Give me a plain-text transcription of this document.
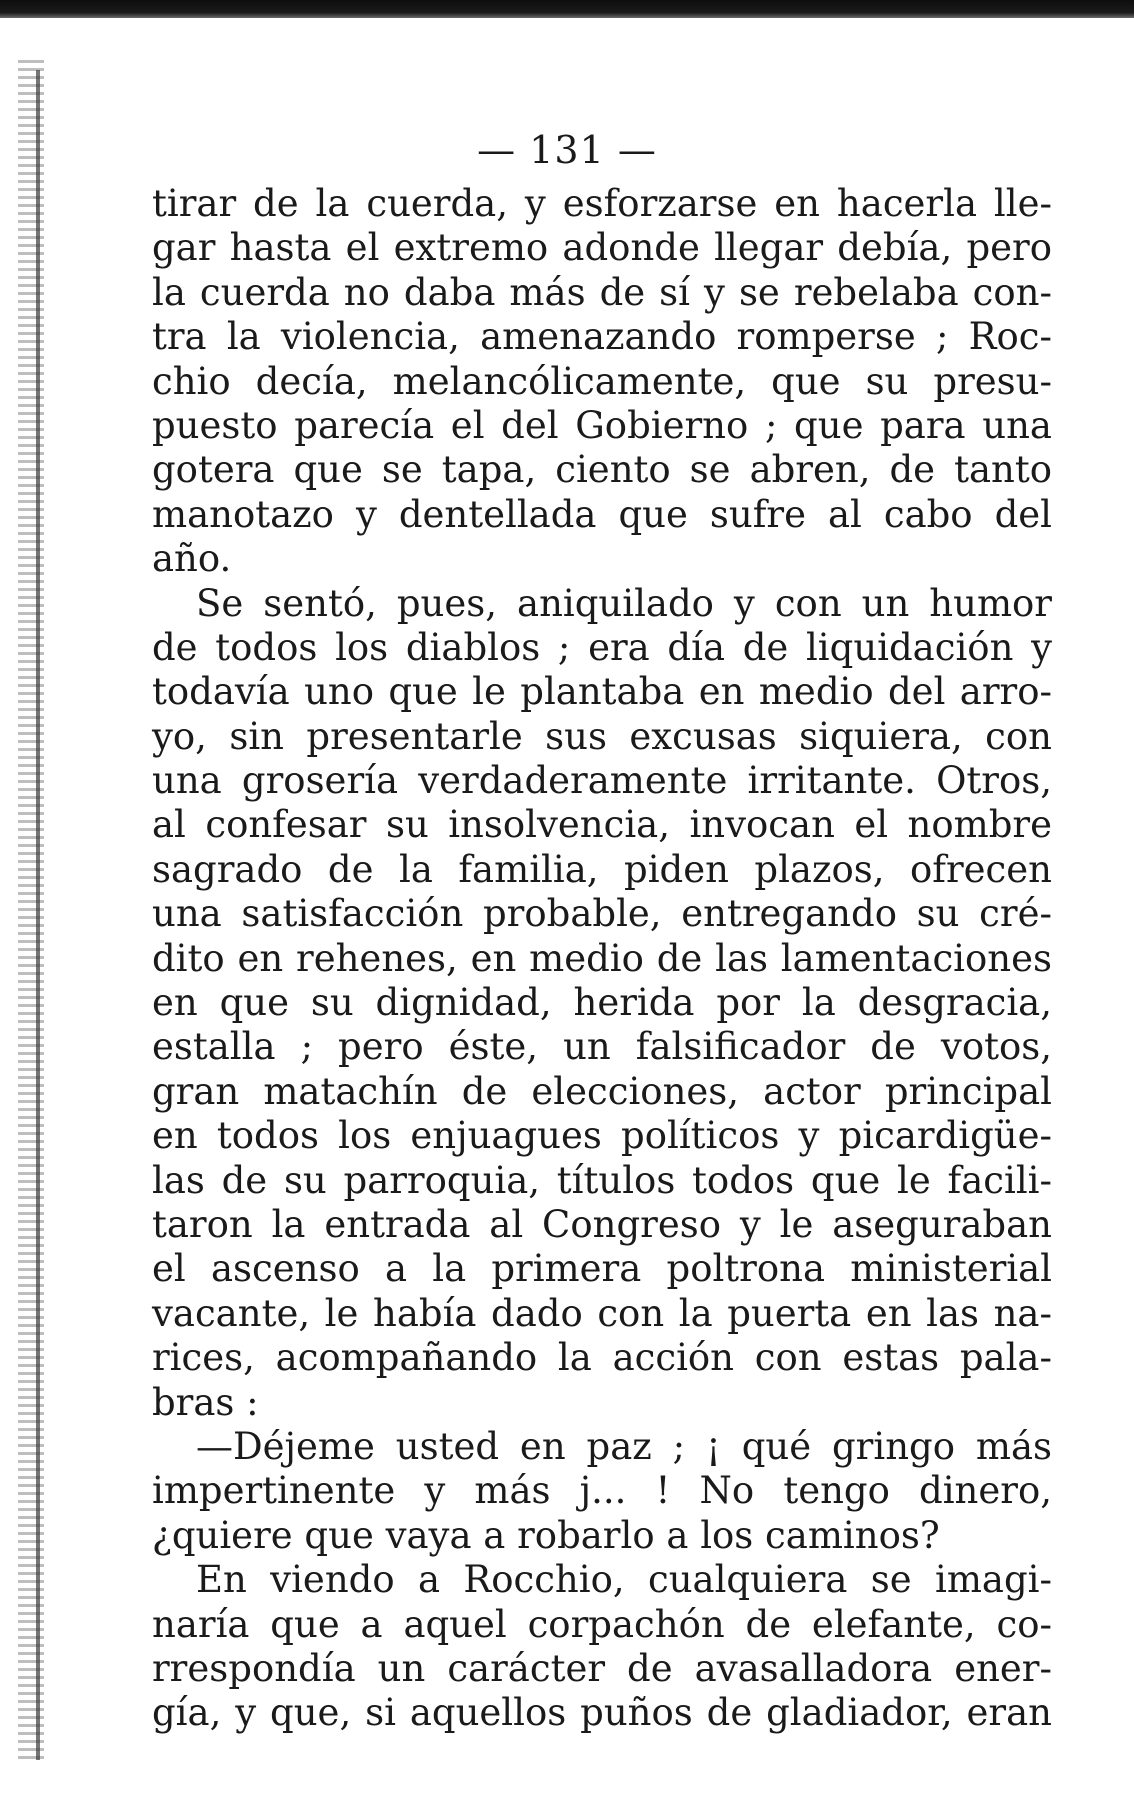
— 131 —
tirar de la cuerda, y esforzarse en hacerla lle-
gar hasta el extremo adonde llegar debía, pero
la cuerda no daba más de sí y se rebelaba con-
tra la violencia, amenazando romperse ; Roc-
chio decía, melancólicamente, que su presu-
puesto parecía el del Gobierno ; que para una
gotera que se tapa, ciento se abren, de tanto
manotazo y dentellada que sufre al cabo del
año.
Se sentó, pues, aniquilado y con un humor
de todos los diablos ; era día de liquidación y
todavía uno que le plantaba en medio del arro-
yo, sin presentarle sus excusas siquiera, con
una grosería verdaderamente irritante. Otros,
al confesar su insolvencia, invocan el nombre
sagrado de la familia, piden plazos, ofrecen
una satisfacción probable, entregando su cré-
dito en rehenes, en medio de las lamentaciones
en que su dignidad, herida por la desgracia,
estalla ; pero éste, un falsificador de votos,
gran matachín de elecciones, actor principal
en todos los enjuagues políticos y picardigüe-
las de su parroquia, títulos todos que le facili-
taron la entrada al Congreso y le aseguraban
el ascenso a la primera poltrona ministerial
vacante, le había dado con la puerta en las na-
rices, acompañando la acción con estas pala-
bras :
—Déjeme usted en paz ; ¡ qué gringo más
impertinente y más j... ! No tengo dinero,
¿quiere que vaya a robarlo a los caminos?
En viendo a Rocchio, cualquiera se imagi-
naría que a aquel corpachón de elefante, co-
rrespondía un carácter de avasalladora ener-
gía, y que, si aquellos puños de gladiador, eran
